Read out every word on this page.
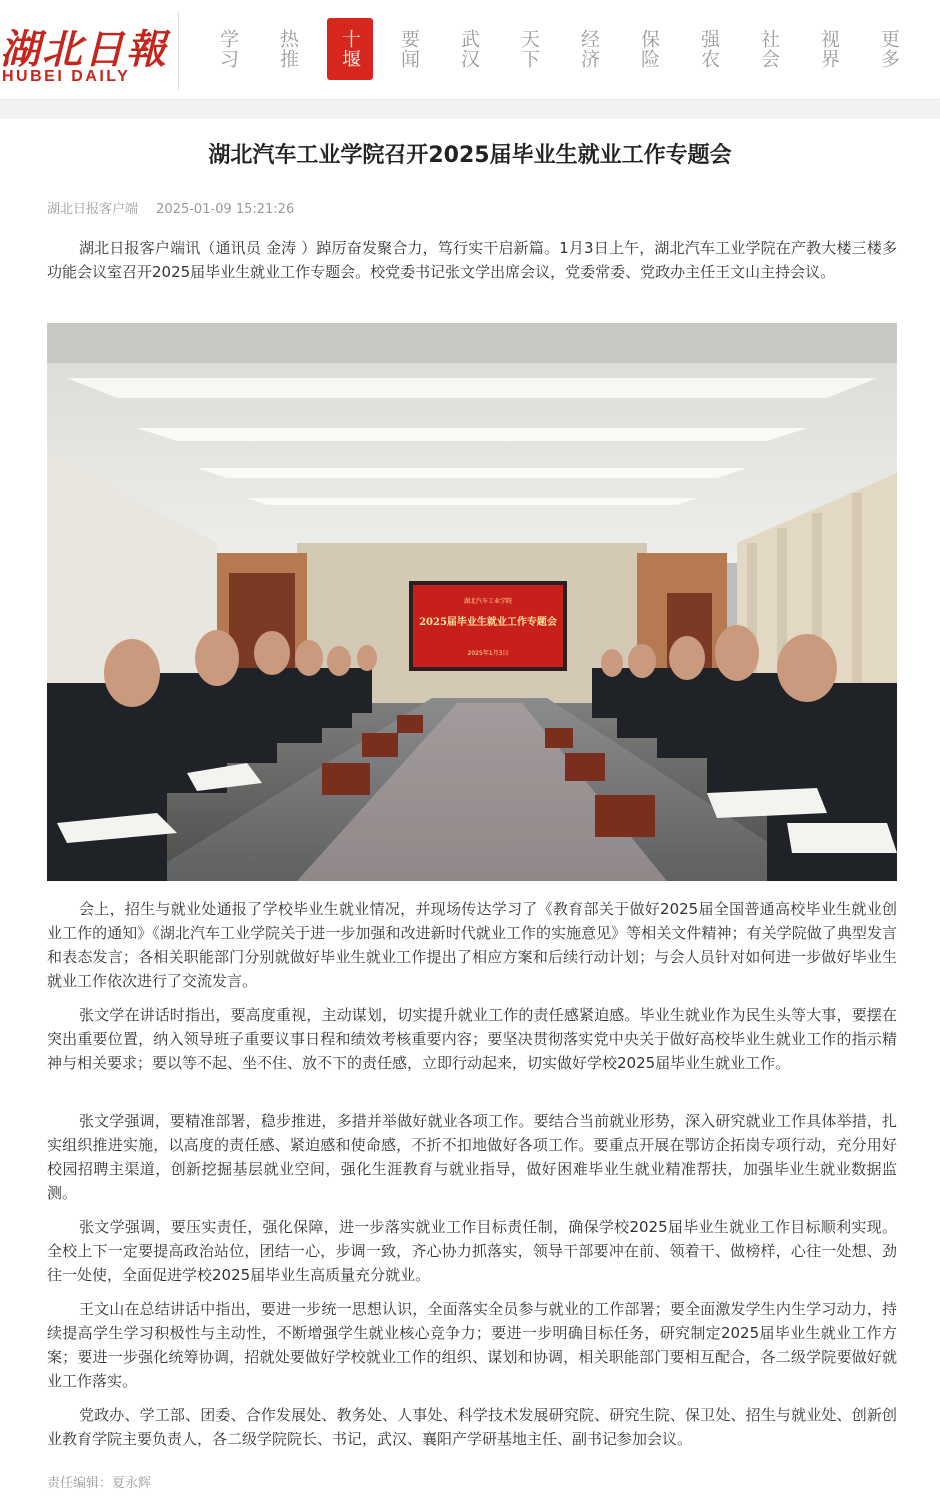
湖北日報
HUBEI DAILY
学习 热推 十堰 要闻 武汉 天下 经济 保险 强农 社会 视界 更多
湖北汽车工业学院召开2025届毕业生就业工作专题会
湖北日报客户端 2025-01-09 15:21:26

湖北日报客户端讯（通讯员 金涛 ）踔厉奋发聚合力，笃行实干启新篇。1月3日上午，湖北汽车工业学院在产教大楼三楼多功能会议室召开2025届毕业生就业工作专题会。校党委书记张文学出席会议，党委常委、党政办主任王文山主持会议。

湖北汽车工业学院
2025届毕业生就业工作专题会
2025年1月3日

会上，招生与就业处通报了学校毕业生就业情况，并现场传达学习了《教育部关于做好2025届全国普通高校毕业生就业创业工作的通知》《湖北汽车工业学院关于进一步加强和改进新时代就业工作的实施意见》等相关文件精神；有关学院做了典型发言和表态发言；各相关职能部门分别就做好毕业生就业工作提出了相应方案和后续行动计划；与会人员针对如何进一步做好毕业生就业工作依次进行了交流发言。

张文学在讲话时指出，要高度重视，主动谋划，切实提升就业工作的责任感紧迫感。毕业生就业作为民生头等大事，要摆在突出重要位置，纳入领导班子重要议事日程和绩效考核重要内容；要坚决贯彻落实党中央关于做好高校毕业生就业工作的指示精神与相关要求；要以等不起、坐不住、放不下的责任感，立即行动起来，切实做好学校2025届毕业生就业工作。

张文学强调，要精准部署，稳步推进，多措并举做好就业各项工作。要结合当前就业形势，深入研究就业工作具体举措，扎实组织推进实施，以高度的责任感、紧迫感和使命感，不折不扣地做好各项工作。要重点开展在鄂访企拓岗专项行动，充分用好校园招聘主渠道，创新挖掘基层就业空间，强化生涯教育与就业指导，做好困难毕业生就业精准帮扶，加强毕业生就业数据监测。

张文学强调，要压实责任，强化保障，进一步落实就业工作目标责任制，确保学校2025届毕业生就业工作目标顺利实现。全校上下一定要提高政治站位，团结一心，步调一致，齐心协力抓落实，领导干部要冲在前、领着干、做榜样，心往一处想、劲往一处使，全面促进学校2025届毕业生高质量充分就业。

王文山在总结讲话中指出，要进一步统一思想认识，全面落实全员参与就业的工作部署；要全面激发学生内生学习动力，持续提高学生学习积极性与主动性，不断增强学生就业核心竞争力；要进一步明确目标任务，研究制定2025届毕业生就业工作方案；要进一步强化统筹协调，招就处要做好学校就业工作的组织、谋划和协调，相关职能部门要相互配合，各二级学院要做好就业工作落实。

党政办、学工部、团委、合作发展处、教务处、人事处、科学技术发展研究院、研究生院、保卫处、招生与就业处、创新创业教育学院主要负责人，各二级学院院长、书记，武汉、襄阳产学研基地主任、副书记参加会议。

责任编辑：夏永辉
